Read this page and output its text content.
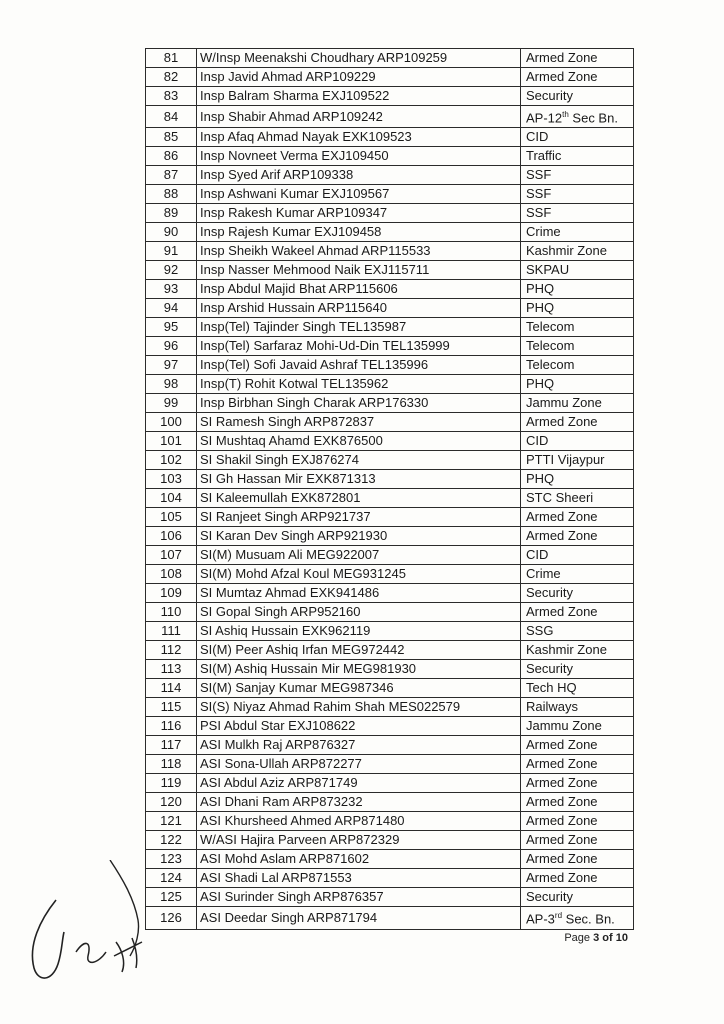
81	W/Insp Meenakshi Choudhary ARP109259	Armed Zone
82	Insp Javid Ahmad ARP109229	Armed Zone
83	Insp Balram Sharma EXJ109522	Security
84	Insp Shabir Ahmad ARP109242	AP-12th Sec Bn.
85	Insp Afaq Ahmad Nayak EXK109523	CID
86	Insp Novneet Verma EXJ109450	Traffic
87	Insp Syed Arif ARP109338	SSF
88	Insp Ashwani Kumar EXJ109567	SSF
89	Insp Rakesh Kumar ARP109347	SSF
90	Insp Rajesh Kumar EXJ109458	Crime
91	Insp Sheikh Wakeel Ahmad ARP115533	Kashmir Zone
92	Insp Nasser Mehmood Naik EXJ115711	SKPAU
93	Insp Abdul Majid Bhat ARP115606	PHQ
94	Insp Arshid Hussain ARP115640	PHQ
95	Insp(Tel) Tajinder Singh TEL135987	Telecom
96	Insp(Tel) Sarfaraz Mohi-Ud-Din TEL135999	Telecom
97	Insp(Tel) Sofi Javaid Ashraf TEL135996	Telecom
98	Insp(T) Rohit Kotwal TEL135962	PHQ
99	Insp Birbhan Singh Charak ARP176330	Jammu Zone
100	SI Ramesh Singh ARP872837	Armed Zone
101	SI Mushtaq Ahamd EXK876500	CID
102	SI Shakil Singh EXJ876274	PTTI Vijaypur
103	SI Gh Hassan Mir EXK871313	PHQ
104	SI Kaleemullah EXK872801	STC Sheeri
105	SI Ranjeet Singh ARP921737	Armed Zone
106	SI Karan Dev Singh ARP921930	Armed Zone
107	SI(M) Musuam Ali MEG922007	CID
108	SI(M) Mohd Afzal Koul MEG931245	Crime
109	SI Mumtaz Ahmad EXK941486	Security
110	SI Gopal Singh ARP952160	Armed Zone
111	SI Ashiq Hussain EXK962119	SSG
112	SI(M) Peer Ashiq Irfan MEG972442	Kashmir Zone
113	SI(M) Ashiq Hussain Mir MEG981930	Security
114	SI(M) Sanjay Kumar MEG987346	Tech HQ
115	SI(S) Niyaz Ahmad Rahim Shah MES022579	Railways
116	PSI Abdul Star EXJ108622	Jammu Zone
117	ASI Mulkh Raj ARP876327	Armed Zone
118	ASI Sona-Ullah ARP872277	Armed Zone
119	ASI Abdul Aziz ARP871749	Armed Zone
120	ASI Dhani Ram ARP873232	Armed Zone
121	ASI Khursheed Ahmed ARP871480	Armed Zone
122	W/ASI Hajira Parveen ARP872329	Armed Zone
123	ASI Mohd Aslam ARP871602	Armed Zone
124	ASI Shadi Lal ARP871553	Armed Zone
125	ASI Surinder Singh ARP876357	Security
126	ASI Deedar Singh ARP871794	AP-3rd Sec. Bn.
Page 3 of 10
